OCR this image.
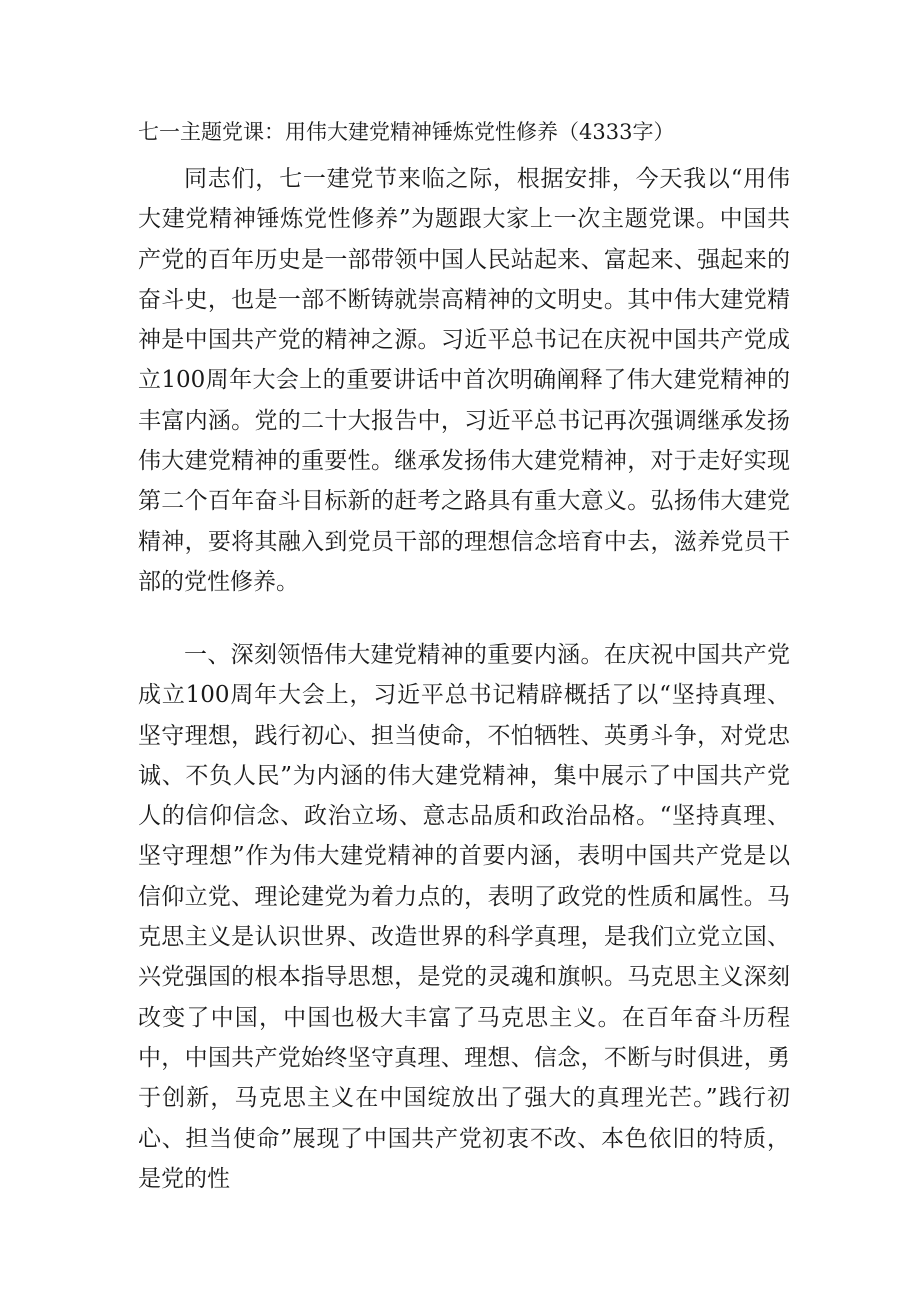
七一主题党课：用伟大建党精神锤炼党性修养（4333字）

同志们，七一建党节来临之际，根据安排，今天我以“用伟大建党精神锤炼党性修养”为题跟大家上一次主题党课。中国共产党的百年历史是一部带领中国人民站起来、富起来、强起来的奋斗史，也是一部不断铸就崇高精神的文明史。其中伟大建党精神是中国共产党的精神之源。习近平总书记在庆祝中国共产党成立100周年大会上的重要讲话中首次明确阐释了伟大建党精神的丰富内涵。党的二十大报告中，习近平总书记再次强调继承发扬伟大建党精神的重要性。继承发扬伟大建党精神，对于走好实现第二个百年奋斗目标新的赶考之路具有重大意义。弘扬伟大建党精神，要将其融入到党员干部的理想信念培育中去，滋养党员干部的党性修养。

一、深刻领悟伟大建党精神的重要内涵。在庆祝中国共产党成立100周年大会上，习近平总书记精辟概括了以“坚持真理、坚守理想，践行初心、担当使命，不怕牺牲、英勇斗争，对党忠诚、不负人民”为内涵的伟大建党精神，集中展示了中国共产党人的信仰信念、政治立场、意志品质和政治品格。“坚持真理、坚守理想”作为伟大建党精神的首要内涵，表明中国共产党是以信仰立党、理论建党为着力点的，表明了政党的性质和属性。马克思主义是认识世界、改造世界的科学真理，是我们立党立国、兴党强国的根本指导思想，是党的灵魂和旗帜。马克思主义深刻改变了中国，中国也极大丰富了马克思主义。在百年奋斗历程中，中国共产党始终坚守真理、理想、信念，不断与时俱进，勇于创新，马克思主义在中国绽放出了强大的真理光芒。”践行初心、担当使命”展现了中国共产党初衷不改、本色依旧的特质，是党的性
